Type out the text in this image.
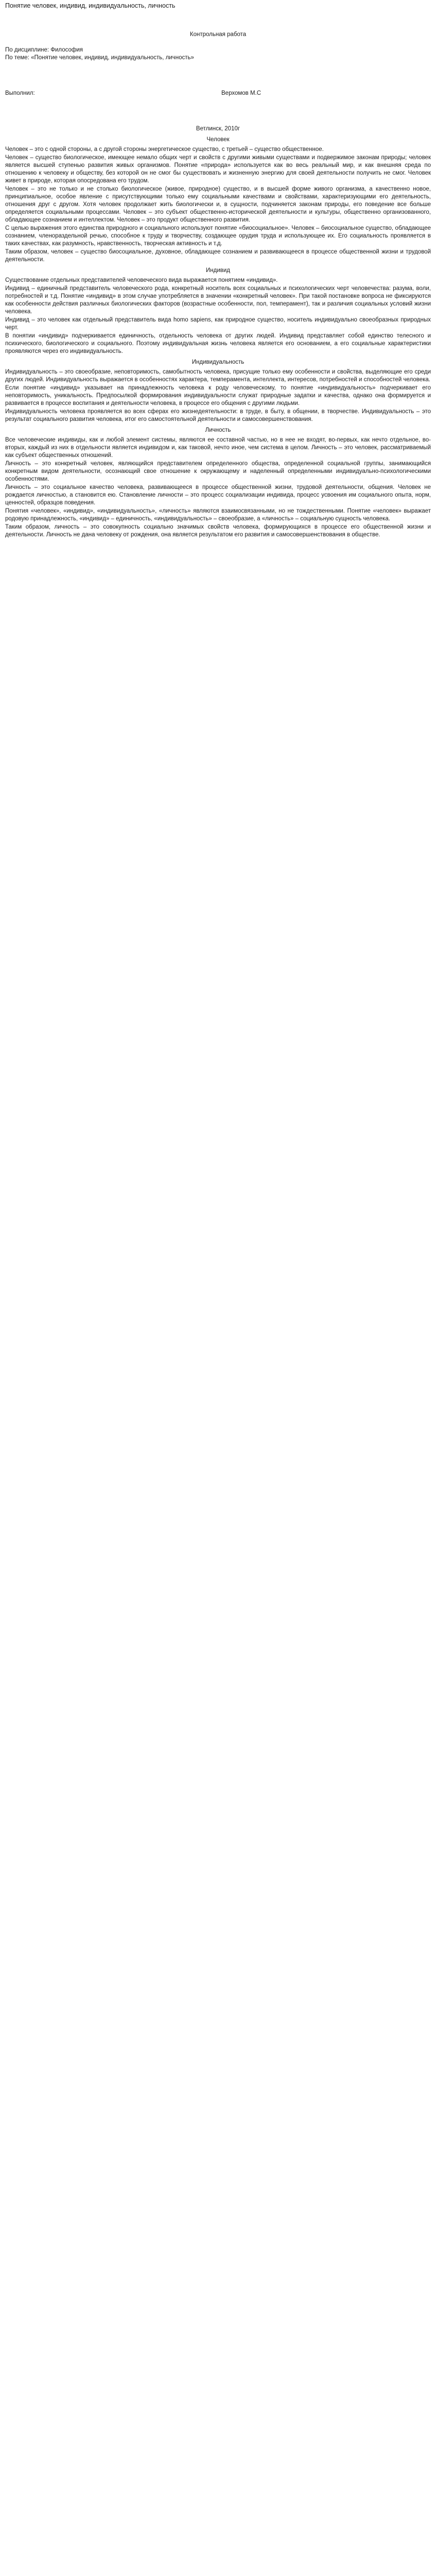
Понятие человек, индивид, индивидуальность, личность

Контрольная работа

По дисциплине: Философия

По теме: «Понятие человек, индивид, индивидуальность, личность»

Выполнил:	Верхомов М.С

Ветлинск, 2010г

Человек

Человек – это с одной стороны, а с другой стороны энергетическое существо, с третьей – существо общественное.

Человек – существо биологическое, имеющее немало общих черт и свойств с другими живыми существами и подвержимое законам природы; человек является высшей ступенью развития живых организмов. Понятие «природа» используется как во весь реальный мир, и как внешняя среда по отношению к человеку и обществу, без которой он не смог бы существовать и жизненную энергию для своей деятельности получить не смог. Человек живет в природе, которая опосредована его трудом.

Человек – это не только и не столько биологическое (живое, природное) существо, и в высшей форме живого организма, а качественно новое, принципиальное, особое явление с присутствующими только ему социальными качествами и свойствами, характеризующими его деятельность, отношения друг с другом. Хотя человек продолжает жить биологически и, в сущности, подчиняется законам природы, его поведение все больше определяется социальными процессами. Человек – это субъект общественно-исторической деятельности и культуры, общественно организованного, обладающее сознанием и интеллектом. Человек – это продукт общественного развития.

С целью выражения этого единства природного и социального используют понятие «биосоциальное». Человек – биосоциальное существо, обладающее сознанием, членораздельной речью, способное к труду и творчеству, создающее орудия труда и использующее их. Его социальность проявляется в таких качествах, как разумность, нравственность, творческая активность и т.д.

Таким образом, человек – существо биосоциальное, духовное, обладающее сознанием и развивающееся в процессе общественной жизни и трудовой деятельности.

Индивид

Существование отдельных представителей человеческого вида выражается понятием «индивид».

Индивид – единичный представитель человеческого рода, конкретный носитель всех социальных и психологических черт человечества: разума, воли, потребностей и т.д. Понятие «индивид» в этом случае употребляется в значении «конкретный человек». При такой постановке вопроса не фиксируются как особенности действия различных биологических факторов (возрастные особенности, пол, темперамент), так и различия социальных условий жизни человека.

Индивид – это человек как отдельный представитель вида homo sapiens, как природное существо, носитель индивидуально своеобразных природных черт.

В понятии «индивид» подчеркивается единичность, отдельность человека от других людей. Индивид представляет собой единство телесного и психического, биологического и социального. Поэтому индивидуальная жизнь человека является его основанием, а его социальные характеристики проявляются через его индивидуальность.

Индивидуальность

Индивидуальность – это своеобразие, неповторимость, самобытность человека, присущие только ему особенности и свойства, выделяющие его среди других людей. Индивидуальность выражается в особенностях характера, темперамента, интеллекта, интересов, потребностей и способностей человека.

Если понятие «индивид» указывает на принадлежность человека к роду человеческому, то понятие «индивидуальность» подчеркивает его неповторимость, уникальность. Предпосылкой формирования индивидуальности служат природные задатки и качества, однако она формируется и развивается в процессе воспитания и деятельности человека, в процессе его общения с другими людьми.

Индивидуальность человека проявляется во всех сферах его жизнедеятельности: в труде, в быту, в общении, в творчестве. Индивидуальность – это результат социального развития человека, итог его самостоятельной деятельности и самосовершенствования.

Личность

Все человеческие индивиды, как и любой элемент системы, являются ее составной частью, но в нее не входят, во-первых, как нечто отдельное, во-вторых, каждый из них в отдельности является индивидом и, как таковой, нечто иное, чем система в целом. Личность – это человек, рассматриваемый как субъект общественных отношений.

Личность – это конкретный человек, являющийся представителем определенного общества, определенной социальной группы, занимающийся конкретным видом деятельности, осознающий свое отношение к окружающему и наделенный определенными индивидуально-психологическими особенностями.

Личность – это социальное качество человека, развивающееся в процессе общественной жизни, трудовой деятельности, общения. Человек не рождается личностью, а становится ею. Становление личности – это процесс социализации индивида, процесс усвоения им социального опыта, норм, ценностей, образцов поведения.

Понятия «человек», «индивид», «индивидуальность», «личность» являются взаимосвязанными, но не тождественными. Понятие «человек» выражает родовую принадлежность, «индивид» – единичность, «индивидуальность» – своеобразие, а «личность» – социальную сущность человека.

Таким образом, личность – это совокупность социально значимых свойств человека, формирующихся в процессе его общественной жизни и деятельности. Личность не дана человеку от рождения, она является результатом его развития и самосовершенствования в обществе.
